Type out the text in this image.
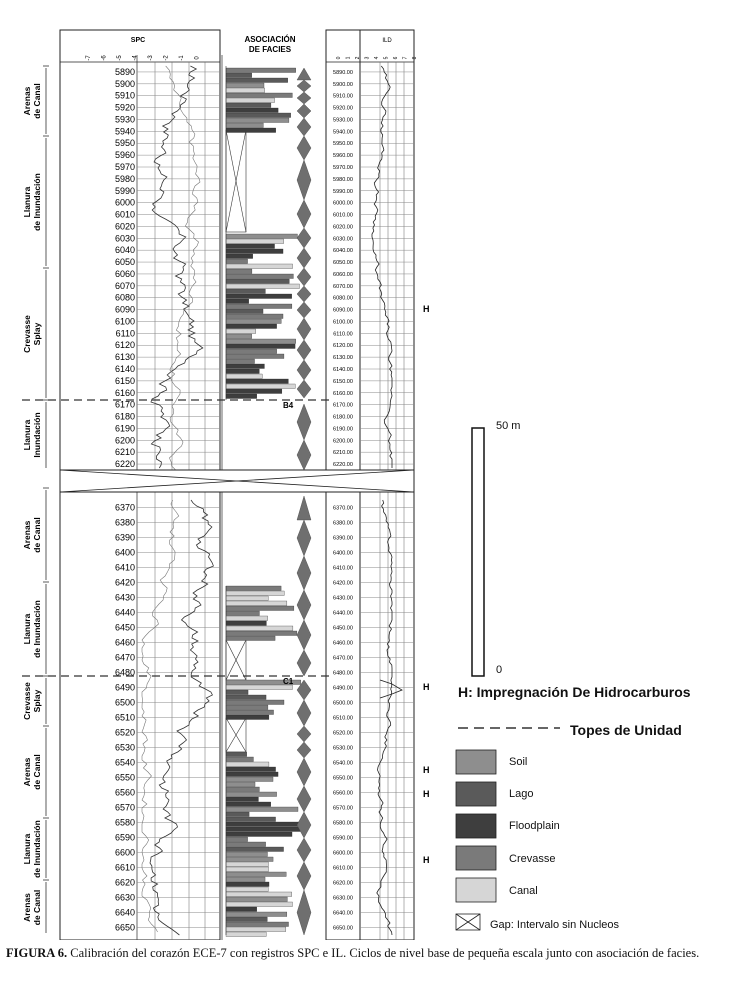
SPC	ASOCIACIÓN
DE FACIES
ILD
-7 -6 -5 -4 -3 -2 -1 0	0 1 2 3 4 5 6 7 8
5890	5890.00
5900	5900.00
5910	5910.00
5920	5920.00
5930	5930.00
5940	5940.00
5950	5950.00
5960	5960.00
5970	5970.00
5980	5980.00
5990	5990.00
6000	6000.00
6010	6010.00
6020	6020.00
6030	6030.00
6040	6040.00
6050	6050.00
6060	6060.00
6070	6070.00
6080	6080.00
6090	6090.00
6100	6100.00
6110	6110.00
6120	6120.00
6130	6130.00
6140	6140.00
6150	6150.00
6160	6160.00
6170	6170.00
6180	6180.00
6190	6190.00
6200	6200.00
6210	6210.00
6220	6220.00
6370	6370.00
6380	6380.00
6390	6390.00
6400	6400.00
6410	6410.00
6420	6420.00
6430	6430.00
6440	6440.00
6450	6450.00
6460	6460.00
6470	6470.00
6480	6480.00
6490	6490.00
6500	6500.00
6510	6510.00
6520	6520.00
6530	6530.00
6540	6540.00
6550	6550.00
6560	6560.00
6570	6570.00
6580	6580.00
6590	6590.00
6600	6600.00
6610	6610.00
6620	6620.00
6630	6630.00
6640	6640.00
6650	6650.00
Arenas de Canal
Llanura de Inundación
Crevasse Splay
Llanura Inundación
Arenas de Canal
Llanura de Inundación
Crevasse Splay
Arenas de Canal
Llanura de Inundación
Arenas de Canal
B4
C1
H
H
H
H
H
50 m
0
H: Impregnación De Hidrocarburos
Topes de Unidad
Soil
Lago
Floodplain
Crevasse
Canal
Gap: Intervalo sin Nucleos
FIGURA 6. Calibración del corazón ECE-7 con registros SPC e IL. Ciclos de nivel base de pequeña escala junto con asociación de facies.
